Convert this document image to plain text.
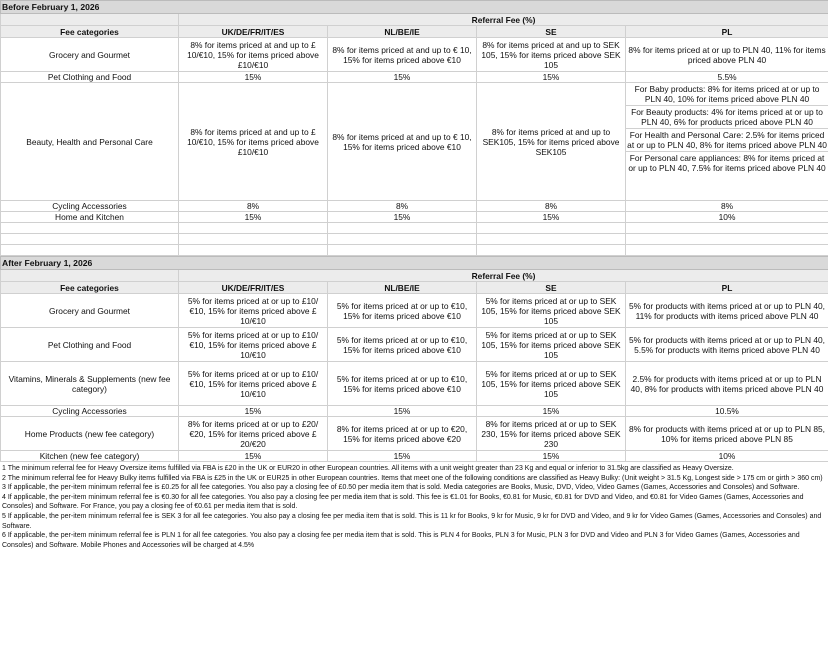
Before February 1, 2026				
	Referral Fee (%)			
Fee categories	UK/DE/FR/IT/ES	NL/BE/IE	SE	PL
Grocery and Gourmet	8% for items priced at and up to £ 10/€10, 15% for items priced above £10/€10	8% for items priced at and up to € 10, 15% for items priced above €10	8% for items priced at and up to SEK 105, 15% for items priced above SEK 105	8% for items priced at or up to PLN 40, 11% for items priced above PLN 40
Pet Clothing and Food	15%	15%	15%	5.5%
Beauty, Health and Personal Care	8% for items priced at and up to £ 10/€10, 15% for items priced above £10/€10	8% for items priced at and up to € 10, 15% for items priced above €10	8% for items priced at and up to SEK105, 15% for items priced above SEK105	For Baby products: 8% for items priced at or up to PLN 40, 10% for items priced above PLN 40
For Beauty products: 4% for items priced at or up to PLN 40, 6% for products priced above PLN 40
For Health and Personal Care: 2.5% for items priced at or up to PLN 40, 8% for items priced above PLN 40
For Personal care appliances: 8% for items priced at or up to PLN 40, 7.5% for items priced above PLN 40

Cycling Accessories	8%	8%	8%	8%
Home and Kitchen	15%	15%	15%	10%

After February 1, 2026				
	Referral Fee (%)			
Fee categories	UK/DE/FR/IT/ES	NL/BE/IE	SE	PL
Grocery and Gourmet	5% for items priced at or up to £10/ €10, 15% for items priced above £ 10/€10	5% for items priced at or up to €10, 15% for items priced above €10	5% for items priced at or up to SEK 105, 15% for items priced above SEK 105	5% for products with items priced at or up to PLN 40, 11% for products with items priced above PLN 40
Pet Clothing and Food	5% for items priced at or up to £10/ €10, 15% for items priced above £ 10/€10	5% for items priced at or up to €10, 15% for items priced above €10	5% for items priced at or up to SEK 105, 15% for items priced above SEK 105	5% for products with items priced at or up to PLN 40, 5.5% for products with items priced above PLN 40
Vitamins, Minerals & Supplements (new fee category)	5% for items priced at or up to £10/ €10, 15% for items priced above £ 10/€10	5% for items priced at or up to €10, 15% for items priced above €10	5% for items priced at or up to SEK 105, 15% for items priced above SEK 105	2.5% for products with items priced at or up to PLN 40, 8% for products with items priced above PLN 40
Cycling Accessories	15%	15%	15%	10.5%
Home Products (new fee category)	8% for items priced at or up to £20/ €20, 15% for items priced above £ 20/€20	8% for items priced at or up to €20, 15% for items priced above €20	8% for items priced at or up to SEK 230, 15% for items priced above SEK 230	8% for products with items priced at or up to PLN 85, 10% for items priced above PLN 85
Kitchen (new fee category)	15%	15%	15%	10%

1 The minimum referral fee for Heavy Oversize items fulfilled via FBA is £20 in the UK or EUR20 in other European countries. All items with a unit weight greater than 23 Kg and equal or inferior to 31.5kg are classified as Heavy Oversize.

2 The minimum referral fee for Heavy Bulky items fulfilled via FBA is £25 in the UK or EUR25 in other European countries. Items that meet one of the following conditions are classified as Heavy Bulky: (Unit weight > 31.5 Kg, Longest side > 175 cm or girth > 360 cm)

3 If applicable, the per-item minimum referral fee is £0.25 for all fee categories. You also pay a closing fee of £0.50 per media item that is sold. Media categories are Books, Music, DVD, Video, Video Games (Games, Accessories and Consoles) and Software.

4 If applicable, the per-item minimum referral fee is €0.30 for all fee categories. You also pay a closing fee per media item that is sold. This fee is €1.01 for Books, €0.81 for Music, €0.81 for DVD and Video, and €0.81 for Video Games (Games, Accessories and Consoles) and Software. For France, you pay a closing fee of €0.61 per media item that is sold.

5 If applicable, the per-item minimum referral fee is SEK 3 for all fee categories. You also pay a closing fee per media item that is sold. This is 11 kr for Books, 9 kr for Music, 9 kr for DVD and Video, and 9 kr for Video Games (Games, Accessories and Consoles) and Software.

6 If applicable, the per-item minimum referral fee is PLN 1 for all fee categories. You also pay a closing fee per media item that is sold. This is PLN 4 for Books, PLN 3 for Music, PLN 3 for DVD and Video and PLN 3 for Video Games (Games, Accessories and Consoles) and Software. Mobile Phones and Accessories will be charged at 4.5%
